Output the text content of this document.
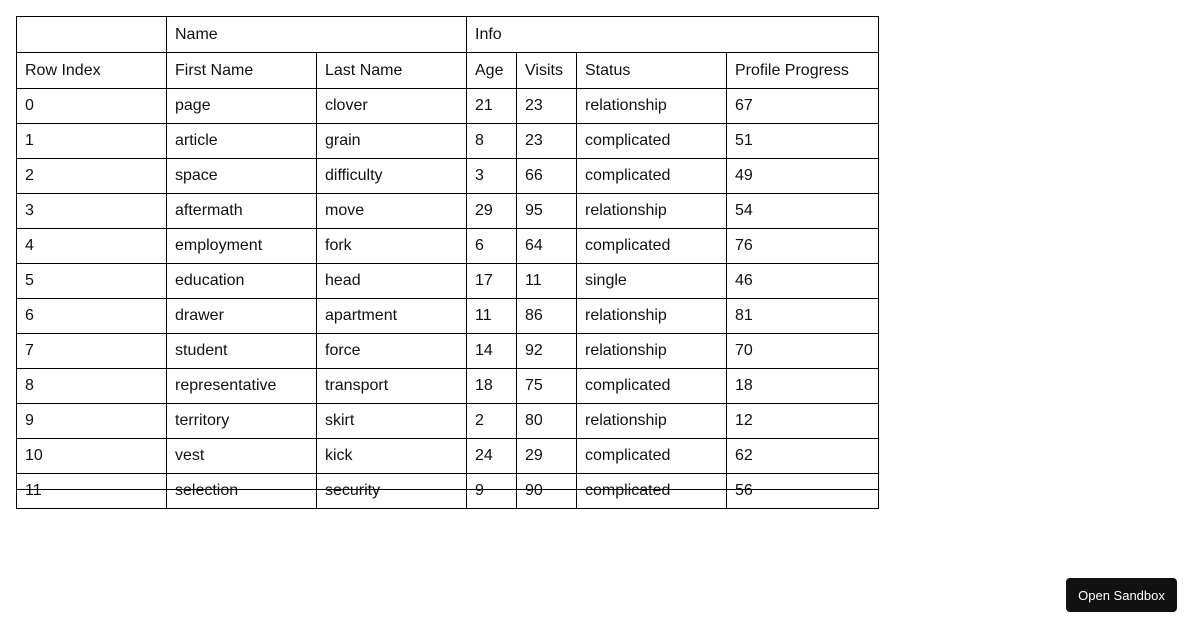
	Name		Info			
Row Index	First Name	Last Name	Age	Visits	Status	Profile Progress
0	page	clover	21	23	relationship	67
1	article	grain	8	23	complicated	51
2	space	difficulty	3	66	complicated	49
3	aftermath	move	29	95	relationship	54
4	employment	fork	6	64	complicated	76
5	education	head	17	11	single	46
6	drawer	apartment	11	86	relationship	81
7	student	force	14	92	relationship	70
8	representative	transport	18	75	complicated	18
9	territory	skirt	2	80	relationship	12
10	vest	kick	24	29	complicated	62
11	selection	security	9	90	complicated	56
Open Sandbox
